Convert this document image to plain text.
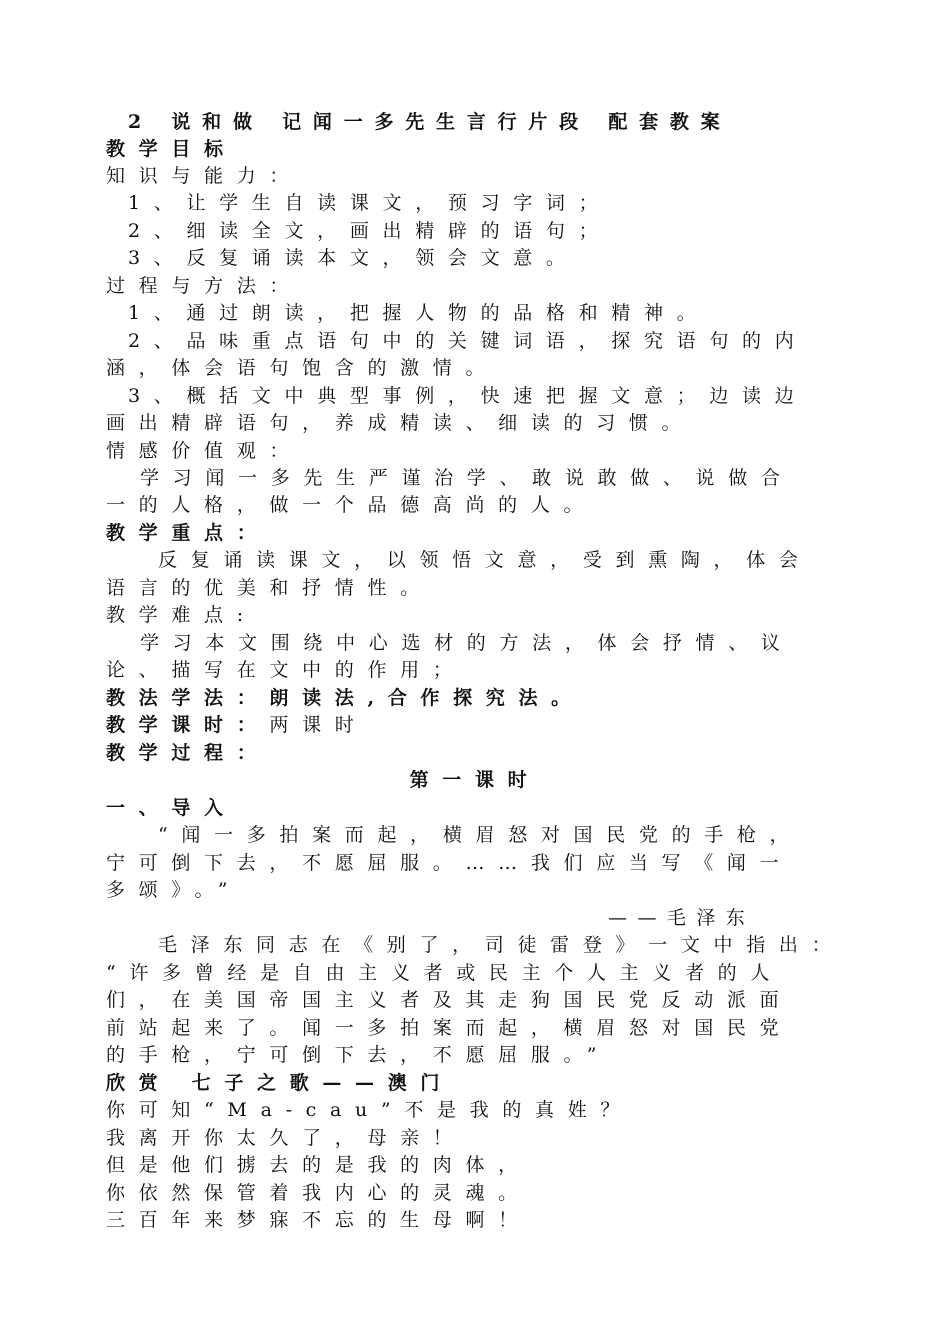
2 说和做 记闻一多先生言行片段 配套教案
教学目标
知识与能力：
1、让学生自读课文，预习字词；
2、细读全文，画出精辟的语句；
3、反复诵读本文，领会文意。
过程与方法：
1、通过朗读，把握人物的品格和精神。
2、品味重点语句中的关键词语，探究语句的内
涵，体会语句饱含的激情。
3、概括文中典型事例，快速把握文意；边读边
画出精辟语句，养成精读、细读的习惯。
情感价值观：
学习闻一多先生严谨治学、敢说敢做、说做合
一的人格，做一个品德高尚的人。
教学重点：
反复诵读课文，以领悟文意，受到熏陶，体会
语言的优美和抒情性。
教学难点:
学习本文围绕中心选材的方法，体会抒情、议
论、描写在文中的作用；
教法学法：朗读法,合作探究法。
教学课时：两课时
教学过程：
第一课时
一、导入
“闻一多拍案而起，横眉怒对国民党的手枪，
宁可倒下去，不愿屈服。……我们应当写《闻一
多颂》。”
——毛泽东
毛泽东同志在《别了，司徒雷登》一文中指出：
“许多曾经是自由主义者或民主个人主义者的人
们，在美国帝国主义者及其走狗国民党反动派面
前站起来了。闻一多拍案而起，横眉怒对国民党
的手枪，宁可倒下去，不愿屈服。”
欣赏 七子之歌——澳门
你可知“Ma-cau”不是我的真姓？
我离开你太久了，母亲！
但是他们掳去的是我的肉体，
你依然保管着我内心的灵魂。
三百年来梦寐不忘的生母啊！
